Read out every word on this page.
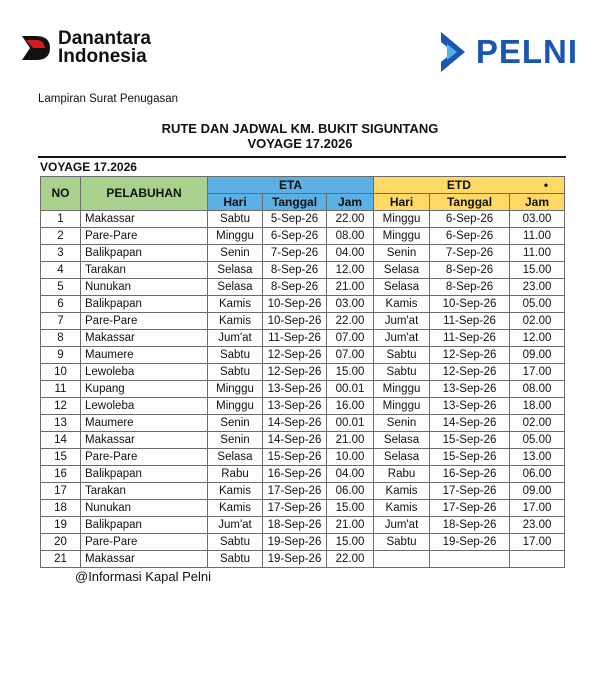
Danantara
Indonesia	PELNI
Lampiran Surat Penugasan
RUTE DAN JADWAL KM. BUKIT SIGUNTANG
VOYAGE 17.2026
VOYAGE 17.2026
NO	PELABUHAN	ETA			ETD •		

		Hari	Tanggal	Jam	Hari	Tanggal	Jam
1	Makassar	Sabtu	5-Sep-26	22.00	Minggu	6-Sep-26	03.00
2	Pare-Pare	Minggu	6-Sep-26	08.00	Minggu	6-Sep-26	11.00
3	Balikpapan	Senin	7-Sep-26	04.00	Senin	7-Sep-26	11.00
4	Tarakan	Selasa	8-Sep-26	12.00	Selasa	8-Sep-26	15.00
5	Nunukan	Selasa	8-Sep-26	21.00	Selasa	8-Sep-26	23.00
6	Balikpapan	Kamis	10-Sep-26	03.00	Kamis	10-Sep-26	05.00
7	Pare-Pare	Kamis	10-Sep-26	22.00	Jum'at	11-Sep-26	02.00
8	Makassar	Jum'at	11-Sep-26	07.00	Jum'at	11-Sep-26	12.00
9	Maumere	Sabtu	12-Sep-26	07.00	Sabtu	12-Sep-26	09.00
10	Lewoleba	Sabtu	12-Sep-26	15.00	Sabtu	12-Sep-26	17.00
11	Kupang	Minggu	13-Sep-26	00.01	Minggu	13-Sep-26	08.00
12	Lewoleba	Minggu	13-Sep-26	16.00	Minggu	13-Sep-26	18.00
13	Maumere	Senin	14-Sep-26	00.01	Senin	14-Sep-26	02.00
14	Makassar	Senin	14-Sep-26	21.00	Selasa	15-Sep-26	05.00
15	Pare-Pare	Selasa	15-Sep-26	10.00	Selasa	15-Sep-26	13.00
16	Balikpapan	Rabu	16-Sep-26	04.00	Rabu	16-Sep-26	06.00
17	Tarakan	Kamis	17-Sep-26	06.00	Kamis	17-Sep-26	09.00
18	Nunukan	Kamis	17-Sep-26	15.00	Kamis	17-Sep-26	17.00
19	Balikpapan	Jum'at	18-Sep-26	21.00	Jum'at	18-Sep-26	23.00
20	Pare-Pare	Sabtu	19-Sep-26	15.00	Sabtu	19-Sep-26	17.00
21	Makassar	Sabtu	19-Sep-26	22.00			
@Informasi Kapal Pelni
